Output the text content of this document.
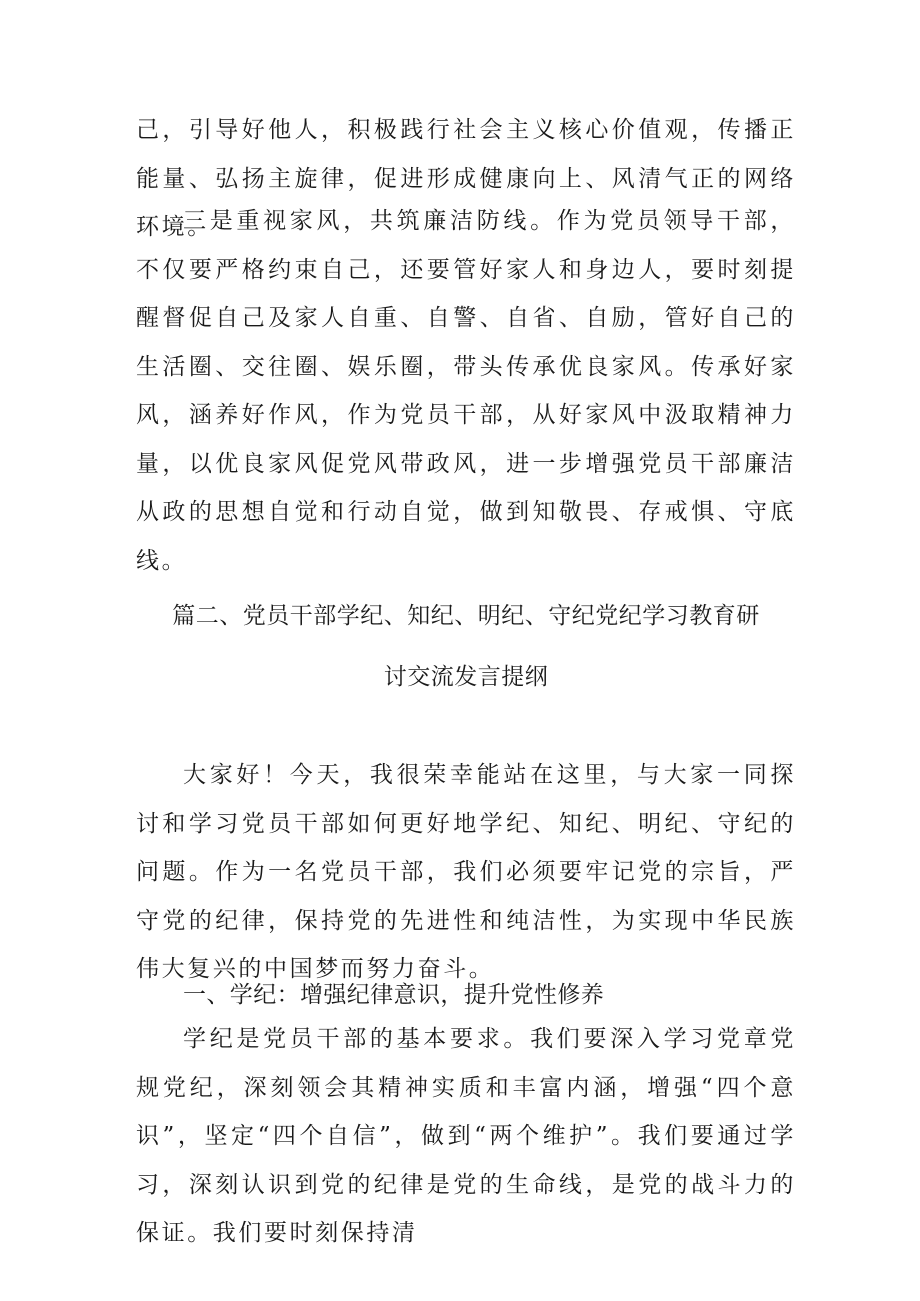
己，引导好他人，积极践行社会主义核心价值观，传播正能量、弘扬主旋律，促进形成健康向上、风清气正的网络环境。

三是重视家风，共筑廉洁防线。作为党员领导干部，不仅要严格约束自己，还要管好家人和身边人，要时刻提醒督促自己及家人自重、自警、自省、自励，管好自己的生活圈、交往圈、娱乐圈，带头传承优良家风。传承好家风，涵养好作风，作为党员干部，从好家风中汲取精神力量，以优良家风促党风带政风，进一步增强党员干部廉洁从政的思想自觉和行动自觉，做到知敬畏、存戒惧、守底线。

篇二、党员干部学纪、知纪、明纪、守纪党纪学习教育研

讨交流发言提纲

大家好！今天，我很荣幸能站在这里，与大家一同探讨和学习党员干部如何更好地学纪、知纪、明纪、守纪的问题。作为一名党员干部，我们必须要牢记党的宗旨，严守党的纪律，保持党的先进性和纯洁性，为实现中华民族伟大复兴的中国梦而努力奋斗。

一、学纪：增强纪律意识，提升党性修养

学纪是党员干部的基本要求。我们要深入学习党章党规党纪，深刻领会其精神实质和丰富内涵，增强“四个意识”，坚定“四个自信”，做到“两个维护”。我们要通过学习，深刻认识到党的纪律是党的生命线，是党的战斗力的保证。我们要时刻保持清
